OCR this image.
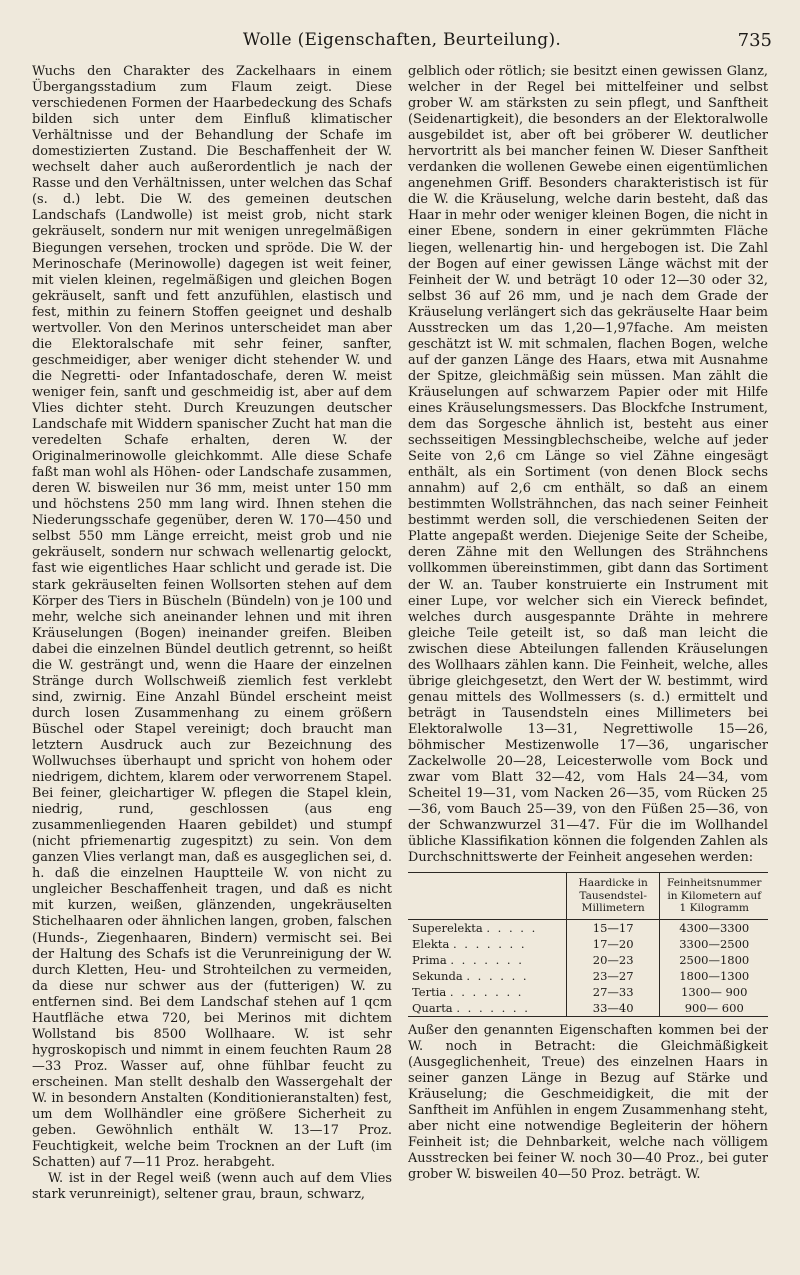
Wolle (Eigenschaften, Beurteilung).	735

Wuchs den Charakter des Zackelhaars in einem Übergangsstadium zum Flaum zeigt. Diese verschiedenen Formen der Haarbedeckung des Schafs bilden sich unter dem Einfluß klimatischer Verhältnisse und der Behandlung der Schafe im domestizierten Zustand. Die Beschaffenheit der W. wechselt daher auch außerordentlich je nach der Rasse und den Verhältnissen, unter welchen das Schaf (s. d.) lebt. Die W. des gemeinen deutschen Landschafs (Landwolle) ist meist grob, nicht stark gekräuselt, sondern nur mit wenigen unregelmäßigen Biegungen versehen, trocken und spröde. Die W. der Merinoschafe (Merinowolle) dagegen ist weit feiner, mit vielen kleinen, regelmäßigen und gleichen Bogen gekräuselt, sanft und fett anzufühlen, elastisch und fest, mithin zu feinern Stoffen geeignet und deshalb wertvoller. Von den Merinos unterscheidet man aber die Elektoralschafe mit sehr feiner, sanfter, geschmeidiger, aber weniger dicht stehender W. und die Negretti- oder Infantadoschafe, deren W. meist weniger fein, sanft und geschmeidig ist, aber auf dem Vlies dichter steht. Durch Kreuzungen deutscher Landschafe mit Widdern spanischer Zucht hat man die veredelten Schafe erhalten, deren W. der Originalmerinowolle gleichkommt. Alle diese Schafe faßt man wohl als Höhen- oder Landschafe zusammen, deren W. bisweilen nur 36 mm, meist unter 150 mm und höchstens 250 mm lang wird. Ihnen stehen die Niederungsschafe gegenüber, deren W. 170—450 und selbst 550 mm Länge erreicht, meist grob und nie gekräuselt, sondern nur schwach wellenartig gelockt, fast wie eigentliches Haar schlicht und gerade ist. Die stark gekräuselten feinen Wollsorten stehen auf dem Körper des Tiers in Büscheln (Bündeln) von je 100 und mehr, welche sich aneinander lehnen und mit ihren Kräuselungen (Bogen) ineinander greifen. Bleiben dabei die einzelnen Bündel deutlich getrennt, so heißt die W. gesträngt und, wenn die Haare der einzelnen Stränge durch Wollschweiß ziemlich fest verklebt sind, zwirnig. Eine Anzahl Bündel erscheint meist durch losen Zusammenhang zu einem größern Büschel oder Stapel vereinigt; doch braucht man letztern Ausdruck auch zur Bezeichnung des Wollwuchses überhaupt und spricht von hohem oder niedrigem, dichtem, klarem oder verworrenem Stapel. Bei feiner, gleichartiger W. pflegen die Stapel klein, niedrig, rund, geschlossen (aus eng zusammenliegenden Haaren gebildet) und stumpf (nicht pfriemenartig zugespitzt) zu sein. Von dem ganzen Vlies verlangt man, daß es ausgeglichen sei, d. h. daß die einzelnen Hauptteile W. von nicht zu ungleicher Beschaffenheit tragen, und daß es nicht mit kurzen, weißen, glänzenden, ungekräuselten Stichelhaaren oder ähnlichen langen, groben, falschen (Hunds-, Ziegenhaaren, Bindern) vermischt sei. Bei der Haltung des Schafs ist die Verunreinigung der W. durch Kletten, Heu- und Strohteilchen zu vermeiden, da diese nur schwer aus der (futterigen) W. zu entfernen sind. Bei dem Landschaf stehen auf 1 qcm Hautfläche etwa 720, bei Merinos mit dichtem Wollstand bis 8500 Wollhaare. W. ist sehr hygroskopisch und nimmt in einem feuchten Raum 28—33 Proz. Wasser auf, ohne fühlbar feucht zu erscheinen. Man stellt deshalb den Wassergehalt der W. in besondern Anstalten (Konditionieranstalten) fest, um dem Wollhändler eine größere Sicherheit zu geben. Gewöhnlich enthält W. 13—17 Proz. Feuchtigkeit, welche beim Trocknen an der Luft (im Schatten) auf 7—11 Proz. herabgeht.

W. ist in der Regel weiß (wenn auch auf dem Vlies stark verunreinigt), seltener grau, braun, schwarz,

gelblich oder rötlich; sie besitzt einen gewissen Glanz, welcher in der Regel bei mittelfeiner und selbst grober W. am stärksten zu sein pflegt, und Sanftheit (Seidenartigkeit), die besonders an der Elektoralwolle ausgebildet ist, aber oft bei gröberer W. deutlicher hervortritt als bei mancher feinen W. Dieser Sanftheit verdanken die wollenen Gewebe einen eigentümlichen angenehmen Griff. Besonders charakteristisch ist für die W. die Kräuselung, welche darin besteht, daß das Haar in mehr oder weniger kleinen Bogen, die nicht in einer Ebene, sondern in einer gekrümmten Fläche liegen, wellenartig hin- und hergebogen ist. Die Zahl der Bogen auf einer gewissen Länge wächst mit der Feinheit der W. und beträgt 10 oder 12—30 oder 32, selbst 36 auf 26 mm, und je nach dem Grade der Kräuselung verlängert sich das gekräuselte Haar beim Ausstrecken um das 1,20—1,97fache. Am meisten geschätzt ist W. mit schmalen, flachen Bogen, welche auf der ganzen Länge des Haars, etwa mit Ausnahme der Spitze, gleichmäßig sein müssen. Man zählt die Kräuselungen auf schwarzem Papier oder mit Hilfe eines Kräuselungsmessers. Das Blockfche Instrument, dem das Sorgesche ähnlich ist, besteht aus einer sechsseitigen Messingblechscheibe, welche auf jeder Seite von 2,6 cm Länge so viel Zähne eingesägt enthält, als ein Sortiment (von denen Block sechs annahm) auf 2,6 cm enthält, so daß an einem bestimmten Wollsträhnchen, das nach seiner Feinheit bestimmt werden soll, die verschiedenen Seiten der Platte angepaßt werden. Diejenige Seite der Scheibe, deren Zähne mit den Wellungen des Strähnchens vollkommen übereinstimmen, gibt dann das Sortiment der W. an. Tauber konstruierte ein Instrument mit einer Lupe, vor welcher sich ein Viereck befindet, welches durch ausgespannte Drähte in mehrere gleiche Teile geteilt ist, so daß man leicht die zwischen diese Abteilungen fallenden Kräuselungen des Wollhaars zählen kann. Die Feinheit, welche, alles übrige gleichgesetzt, den Wert der W. bestimmt, wird genau mittels des Wollmessers (s. d.) ermittelt und beträgt in Tausendsteln eines Millimeters bei Elektoralwolle 13—31, Negrettiwolle 15—26, böhmischer Mestizenwolle 17—36, ungarischer Zackelwolle 20—28, Leicesterwolle vom Bock und zwar vom Blatt 32—42, vom Hals 24—34, vom Scheitel 19—31, vom Nacken 26—35, vom Rücken 25—36, vom Bauch 25—39, von den Füßen 25—36, von der Schwanzwurzel 31—47. Für die im Wollhandel übliche Klassifikation können die folgenden Zahlen als Durchschnittswerte der Feinheit angesehen werden:

	Haardicke in Tausendstel-Millimetern	Feinheitsnummer in Kilometern auf 1 Kilogramm
Superelekta . . . . .	15—17	4300—3300
Elekta . . . . . . .	17—20	3300—2500
Prima . . . . . . .	20—23	2500—1800
Sekunda . . . . . .	23—27	1800—1300
Tertia . . . . . . .	27—33	1300— 900
Quarta . . . . . . .	33—40	900— 600

Außer den genannten Eigenschaften kommen bei der W. noch in Betracht: die Gleichmäßigkeit (Ausgeglichenheit, Treue) des einzelnen Haars in seiner ganzen Länge in Bezug auf Stärke und Kräuselung; die Geschmeidigkeit, die mit der Sanftheit im Anfühlen in engem Zusammenhang steht, aber nicht eine notwendige Begleiterin der höhern Feinheit ist; die Dehnbarkeit, welche nach völligem Ausstrecken bei feiner W. noch 30—40 Proz., bei guter grober W. bisweilen 40—50 Proz. beträgt. W.
